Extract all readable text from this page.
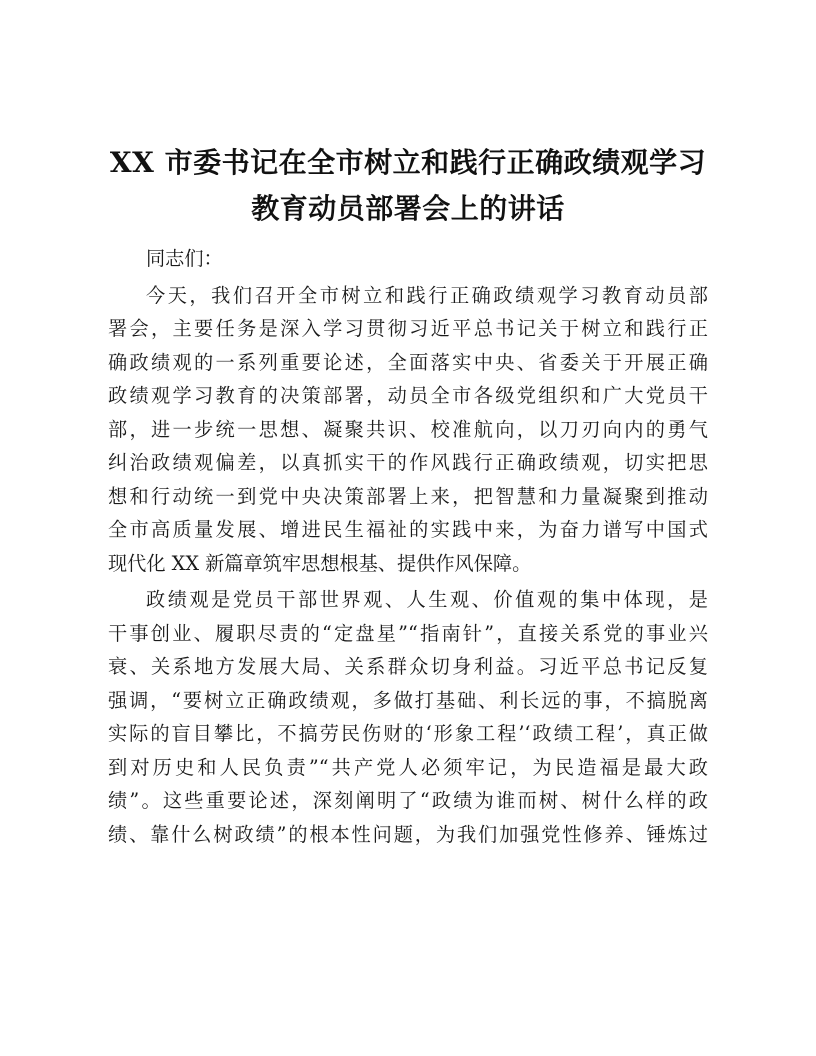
XX 市委书记在全市树立和践行正确政绩观学习
教育动员部署会上的讲话
同志们：
今天，我们召开全市树立和践行正确政绩观学习教育动员部
署会，主要任务是深入学习贯彻习近平总书记关于树立和践行正
确政绩观的一系列重要论述，全面落实中央、省委关于开展正确
政绩观学习教育的决策部署，动员全市各级党组织和广大党员干
部，进一步统一思想、凝聚共识、校准航向，以刀刃向内的勇气
纠治政绩观偏差，以真抓实干的作风践行正确政绩观，切实把思
想和行动统一到党中央决策部署上来，把智慧和力量凝聚到推动
全市高质量发展、增进民生福祉的实践中来，为奋力谱写中国式
现代化 XX 新篇章筑牢思想根基、提供作风保障。
政绩观是党员干部世界观、人生观、价值观的集中体现，是
干事创业、履职尽责的“定盘星”“指南针”，直接关系党的事业兴
衰、关系地方发展大局、关系群众切身利益。习近平总书记反复
强调，“要树立正确政绩观，多做打基础、利长远的事，不搞脱离
实际的盲目攀比，不搞劳民伤财的‘形象工程’‘政绩工程’，真正做
到对历史和人民负责”“共产党人必须牢记，为民造福是最大政
绩”。这些重要论述，深刻阐明了“政绩为谁而树、树什么样的政
绩、靠什么树政绩”的根本性问题，为我们加强党性修养、锤炼过
